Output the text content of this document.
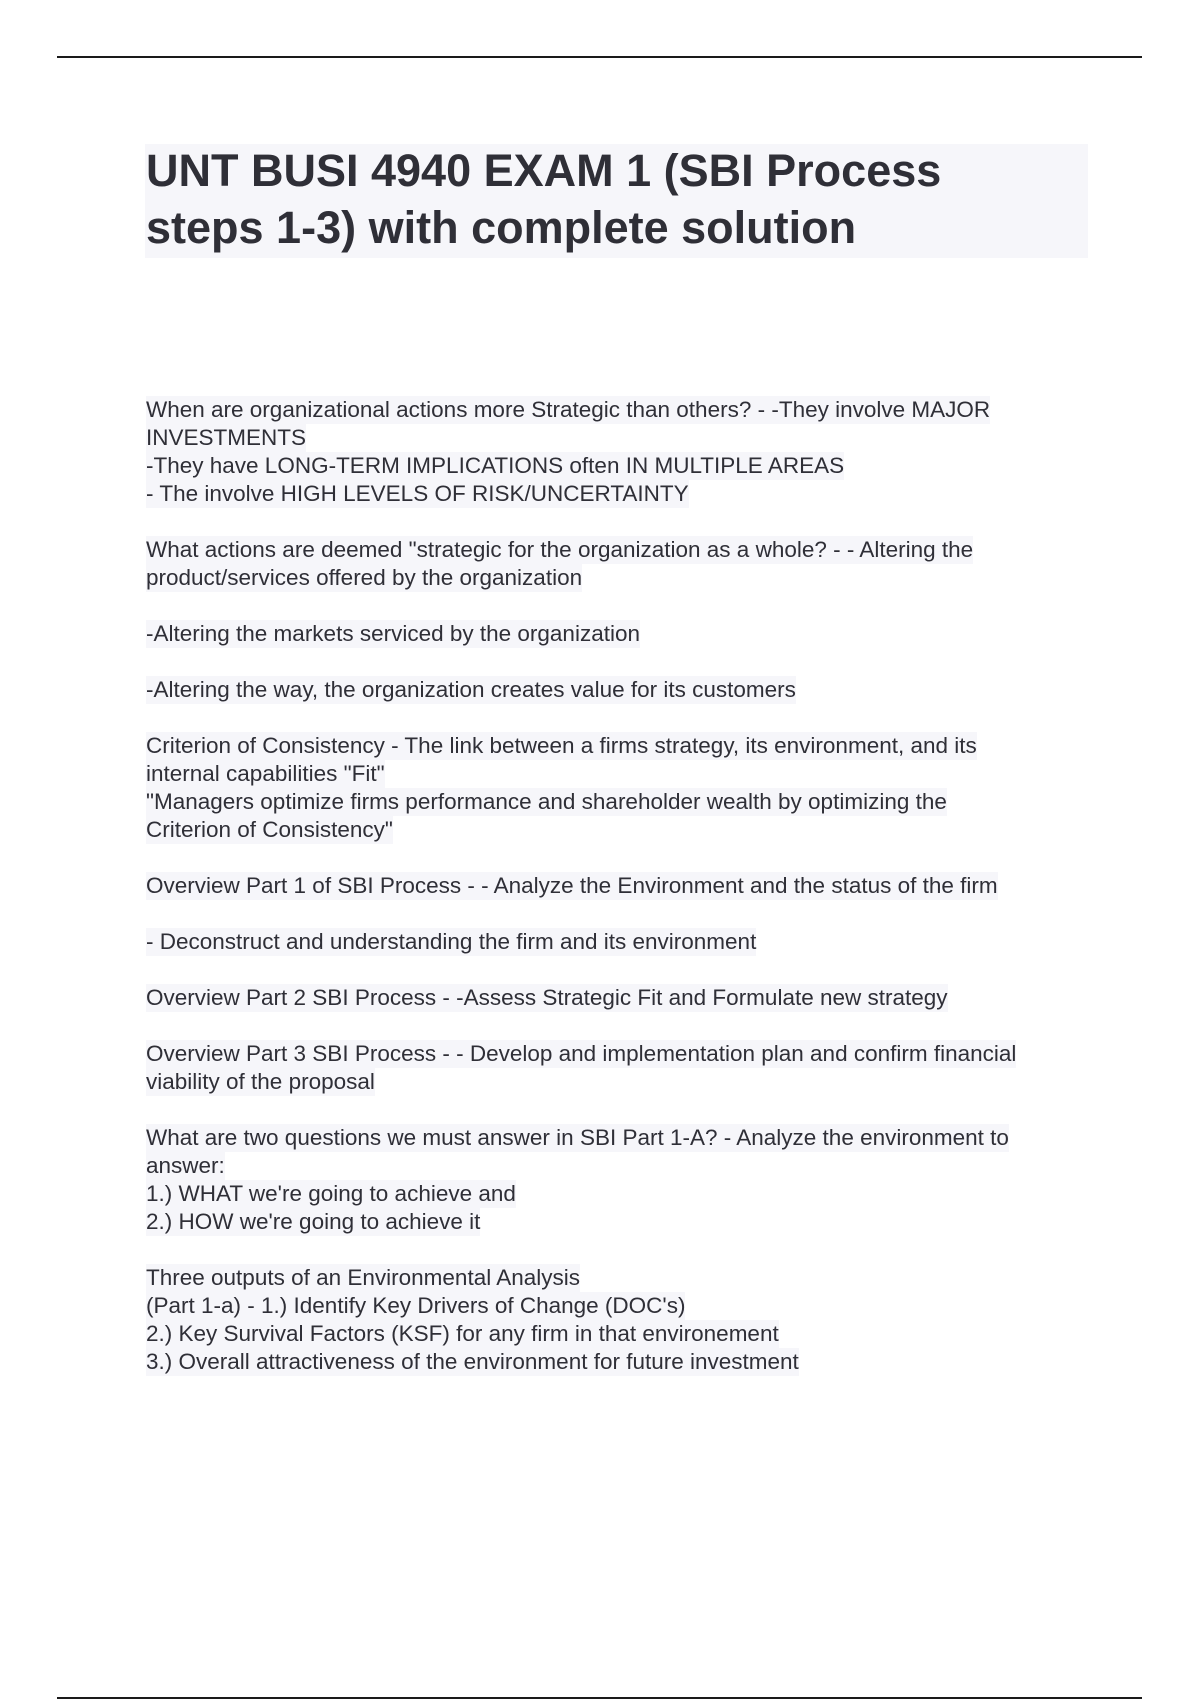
UNT BUSI 4940 EXAM 1 (SBI Process
steps 1-3) with complete solution
When are organizational actions more Strategic than others? - -They involve MAJOR
INVESTMENTS
-They have LONG-TERM IMPLICATIONS often IN MULTIPLE AREAS
- The involve HIGH LEVELS OF RISK/UNCERTAINTY
What actions are deemed "strategic for the organization as a whole? - - Altering the
product/services offered by the organization
-Altering the markets serviced by the organization
-Altering the way, the organization creates value for its customers
Criterion of Consistency - The link between a firms strategy, its environment, and its
internal capabilities "Fit"
"Managers optimize firms performance and shareholder wealth by optimizing the
Criterion of Consistency"
Overview Part 1 of SBI Process - - Analyze the Environment and the status of the firm
- Deconstruct and understanding the firm and its environment
Overview Part 2 SBI Process - -Assess Strategic Fit and Formulate new strategy
Overview Part 3 SBI Process - - Develop and implementation plan and confirm financial
viability of the proposal
What are two questions we must answer in SBI Part 1-A? - Analyze the environment to
answer:
1.) WHAT we're going to achieve and
2.) HOW we're going to achieve it
Three outputs of an Environmental Analysis
(Part 1-a) - 1.) Identify Key Drivers of Change (DOC's)
2.) Key Survival Factors (KSF) for any firm in that environement
3.) Overall attractiveness of the environment for future investment
